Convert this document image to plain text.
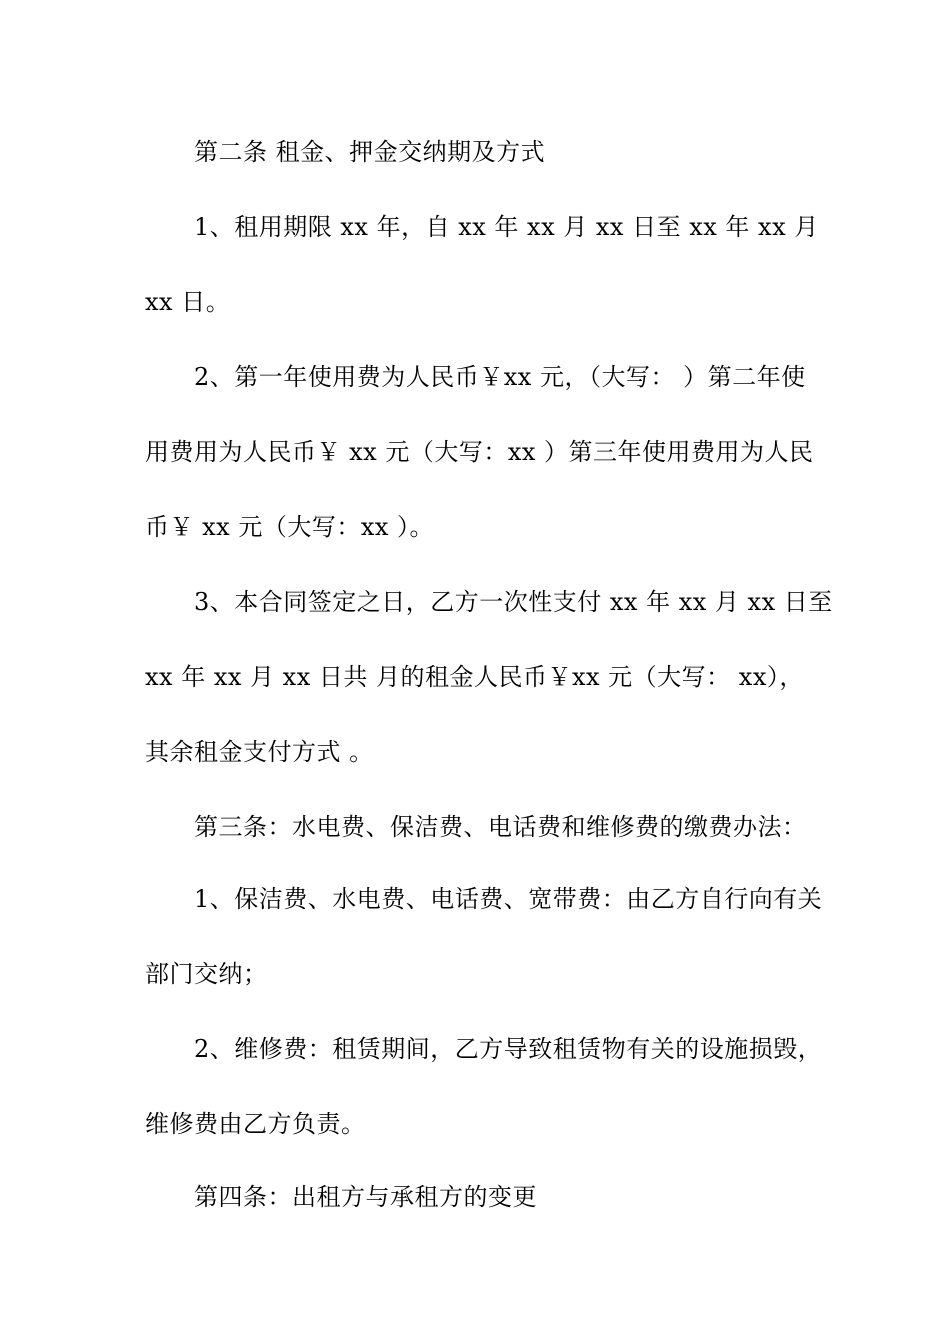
　　第二条 租金、押金交纳期及方式
　　1、租用期限 xx 年，自 xx 年 xx 月 xx 日至 xx 年 xx 月
xx 日。
　　2、第一年使用费为人民币￥xx 元，（大写： ）第二年使
用费用为人民币￥ xx 元（大写：xx ）第三年使用费用为人民
币￥ xx 元（大写：xx ）。
　　3、本合同签定之日，乙方一次性支付 xx 年 xx 月 xx 日至
xx 年 xx 月 xx 日共 月的租金人民币￥xx 元（大写： xx），
其余租金支付方式 。
　　第三条：水电费、保洁费、电话费和维修费的缴费办法：
　　1、保洁费、水电费、电话费、宽带费：由乙方自行向有关
部门交纳；
　　2、维修费：租赁期间，乙方导致租赁物有关的设施损毁，
维修费由乙方负责。
　　第四条：出租方与承租方的变更
